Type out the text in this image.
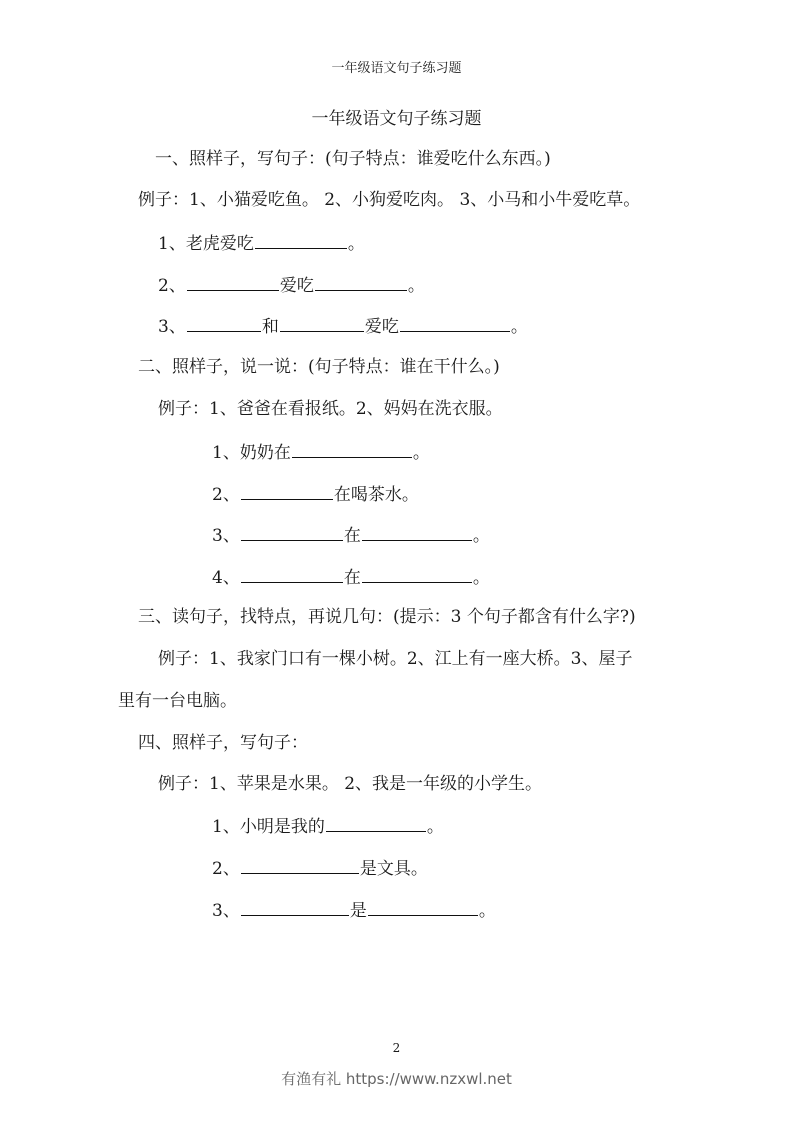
一年级语文句子练习题
一年级语文句子练习题
一、照样子，写句子：(句子特点：谁爱吃什么东西。)
例子：1、小猫爱吃鱼。 2、小狗爱吃肉。 3、小马和小牛爱吃草。
1、老虎爱吃	。
2、	爱吃	。
3、	和	爱吃	。
二、照样子，说一说：(句子特点：谁在干什么。)
例子：1、爸爸在看报纸。2、妈妈在洗衣服。
1、奶奶在	。
2、	在喝茶水。
3、	在	。
4、	在	。
三、读句子，找特点，再说几句：(提示：3 个句子都含有什么字?)
例子：1、我家门口有一棵小树。2、江上有一座大桥。3、屋子
里有一台电脑。
四、照样子，写句子：
例子：1、苹果是水果。 2、我是一年级的小学生。
1、小明是我的	。
2、	是文具。
3、	是	。
2
有渔有礼 https://www.nzxwl.net
